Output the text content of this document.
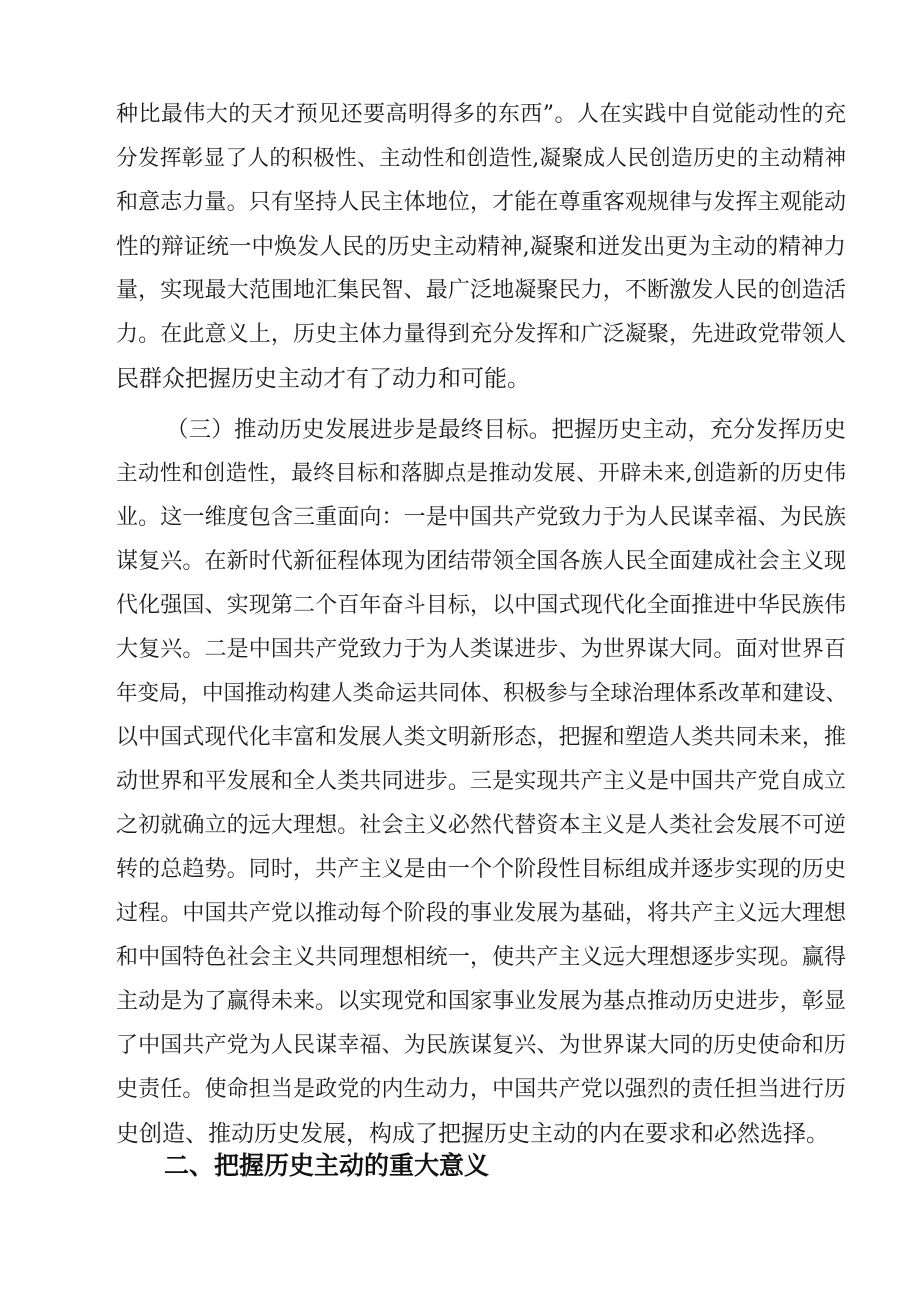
种比最伟大的天才预见还要高明得多的东西”。人在实践中自觉能动性的充
分发挥彰显了人的积极性、主动性和创造性,凝聚成人民创造历史的主动精神
和意志力量。只有坚持人民主体地位，才能在尊重客观规律与发挥主观能动
性的辩证统一中焕发人民的历史主动精神,凝聚和迸发出更为主动的精神力
量，实现最大范围地汇集民智、最广泛地凝聚民力，不断激发人民的创造活
力。在此意义上，历史主体力量得到充分发挥和广泛凝聚，先进政党带领人
民群众把握历史主动才有了动力和可能。
（三）推动历史发展进步是最终目标。把握历史主动，充分发挥历史
主动性和创造性，最终目标和落脚点是推动发展、开辟未来,创造新的历史伟
业。这一维度包含三重面向：一是中国共产党致力于为人民谋幸福、为民族
谋复兴。在新时代新征程体现为团结带领全国各族人民全面建成社会主义现
代化强国、实现第二个百年奋斗目标，以中国式现代化全面推进中华民族伟
大复兴。二是中国共产党致力于为人类谋进步、为世界谋大同。面对世界百
年变局，中国推动构建人类命运共同体、积极参与全球治理体系改革和建设、
以中国式现代化丰富和发展人类文明新形态，把握和塑造人类共同未来，推
动世界和平发展和全人类共同进步。三是实现共产主义是中国共产党自成立
之初就确立的远大理想。社会主义必然代替资本主义是人类社会发展不可逆
转的总趋势。同时，共产主义是由一个个阶段性目标组成并逐步实现的历史
过程。中国共产党以推动每个阶段的事业发展为基础，将共产主义远大理想
和中国特色社会主义共同理想相统一，使共产主义远大理想逐步实现。赢得
主动是为了赢得未来。以实现党和国家事业发展为基点推动历史进步，彰显
了中国共产党为人民谋幸福、为民族谋复兴、为世界谋大同的历史使命和历
史责任。使命担当是政党的内生动力，中国共产党以强烈的责任担当进行历
史创造、推动历史发展，构成了把握历史主动的内在要求和必然选择。
二、把握历史主动的重大意义
